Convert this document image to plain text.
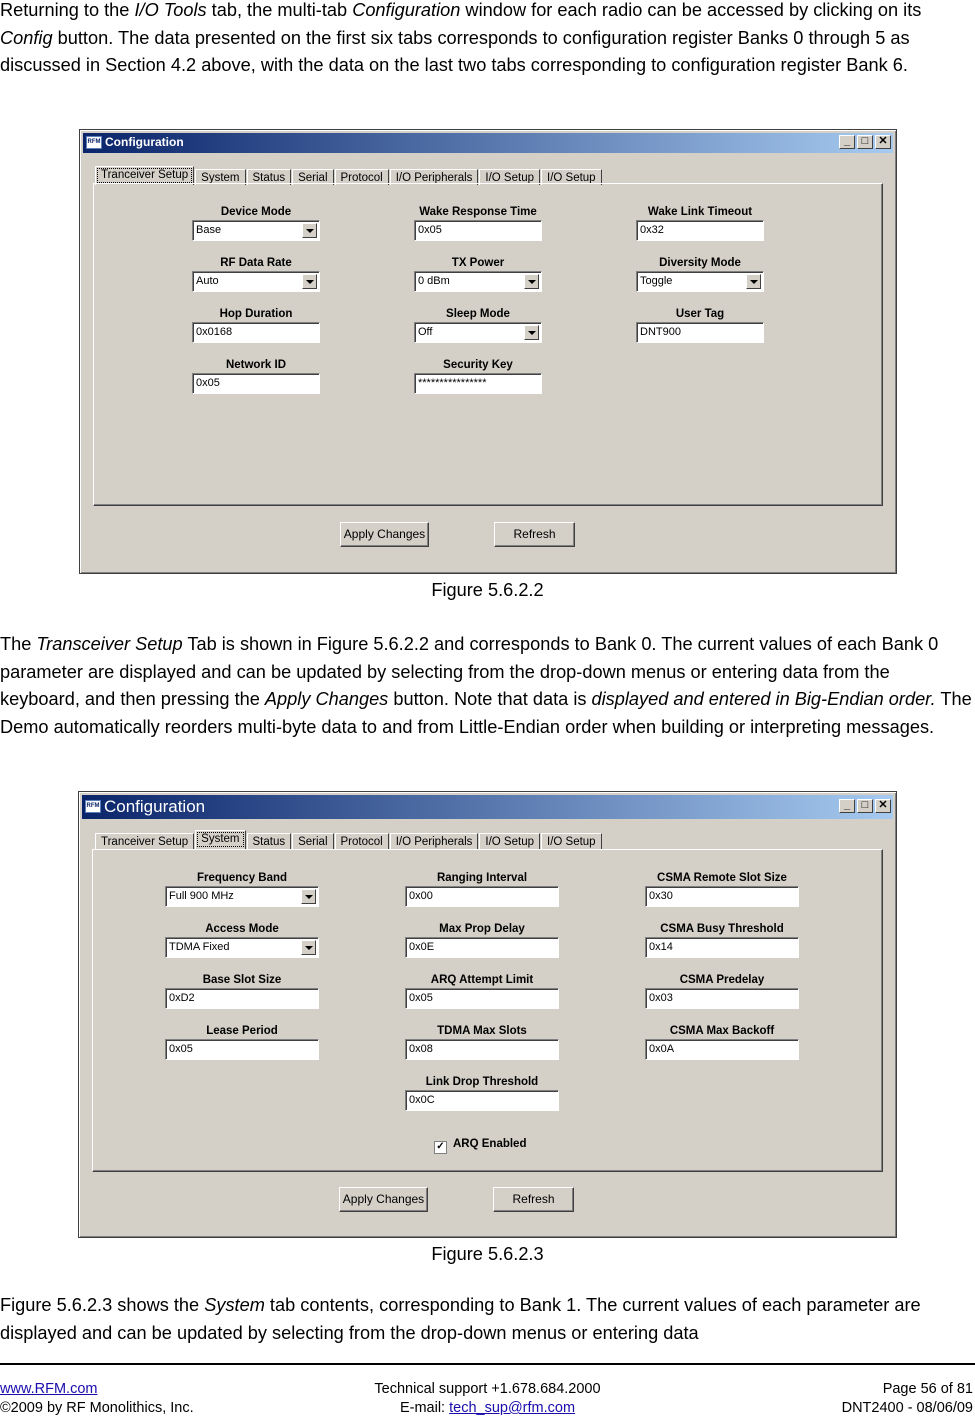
Returning to the I/O Tools tab, the multi-tab Configuration window for each radio can be accessed by clicking on its Config button. The data presented on the first six tabs corresponds to configuration register Banks 0 through 5 as discussed in Section 4.2 above, with the data on the last two tabs corresponding to configuration register Bank 6.
RFM Configuration	_	□ ✕
Tranceiver Setup	System	Status	Serial	Protocol	I/O Peripherals	I/O Setup	I/O Setup
Device Mode
Base
Wake Response Time
0x05
Wake Link Timeout
0x32
RF Data Rate
Auto
TX Power
0 dBm
Diversity Mode
Toggle
Hop Duration
0x0168
Sleep Mode
Off
User Tag
DNT900
Network ID
0x05
Security Key
****************
Apply Changes	Refresh
Figure 5.6.2.2
The Transceiver Setup Tab is shown in Figure 5.6.2.2 and corresponds to Bank 0. The current values of each Bank 0 parameter are displayed and can be updated by selecting from the drop-down menus or entering data from the keyboard, and then pressing the Apply Changes button. Note that data is displayed and entered in Big-Endian order. The Demo automatically reorders multi-byte data to and from Little-Endian order when building or interpreting messages.
RFM Configuration	_	□ ✕
Tranceiver Setup	System	Status	Serial	Protocol	I/O Peripherals	I/O Setup	I/O Setup
Frequency Band
Full 900 MHz
Ranging Interval
0x00
CSMA Remote Slot Size
0x30
Access Mode
TDMA Fixed
Max Prop Delay
0x0E
CSMA Busy Threshold
0x14
Base Slot Size
0xD2
ARQ Attempt Limit
0x05
CSMA Predelay
0x03
Lease Period
0x05
TDMA Max Slots
0x08
CSMA Max Backoff
0x0A
Link Drop Threshold
0x0C
✓ ARQ Enabled
Apply Changes	Refresh
Figure 5.6.2.3
Figure 5.6.2.3 shows the System tab contents, corresponding to Bank 1. The current values of each parameter are displayed and can be updated by selecting from the drop-down menus or entering data
www.RFM.com
©2009 by RF Monolithics, Inc.
Technical support +1.678.684.2000
E-mail: tech_sup@rfm.com
Page 56 of 81
DNT2400 - 08/06/09
